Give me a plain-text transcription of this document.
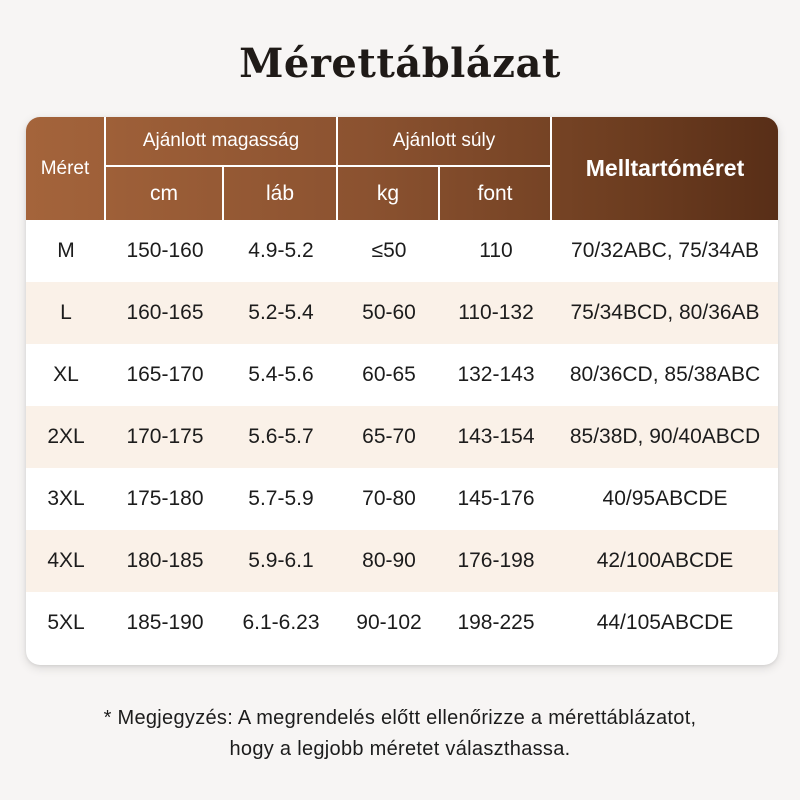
Mérettáblázat
Méret
Ajánlott magasság
cm	láb
Ajánlott súly
kg	font
Melltartóméret
M	150-160	4.9-5.2	≤50	110	70/32ABC, 75/34AB
L	160-165	5.2-5.4	50-60	110-132	75/34BCD, 80/36AB
XL	165-170	5.4-5.6	60-65	132-143	80/36CD, 85/38ABC
2XL	170-175	5.6-5.7	65-70	143-154	85/38D, 90/40ABCD
3XL	175-180	5.7-5.9	70-80	145-176	40/95ABCDE
4XL	180-185	5.9-6.1	80-90	176-198	42/100ABCDE
5XL	185-190	6.1-6.23	90-102	198-225	44/105ABCDE
* Megjegyzés: A megrendelés előtt ellenőrizze a mérettáblázatot,
hogy a legjobb méretet választhassa.
